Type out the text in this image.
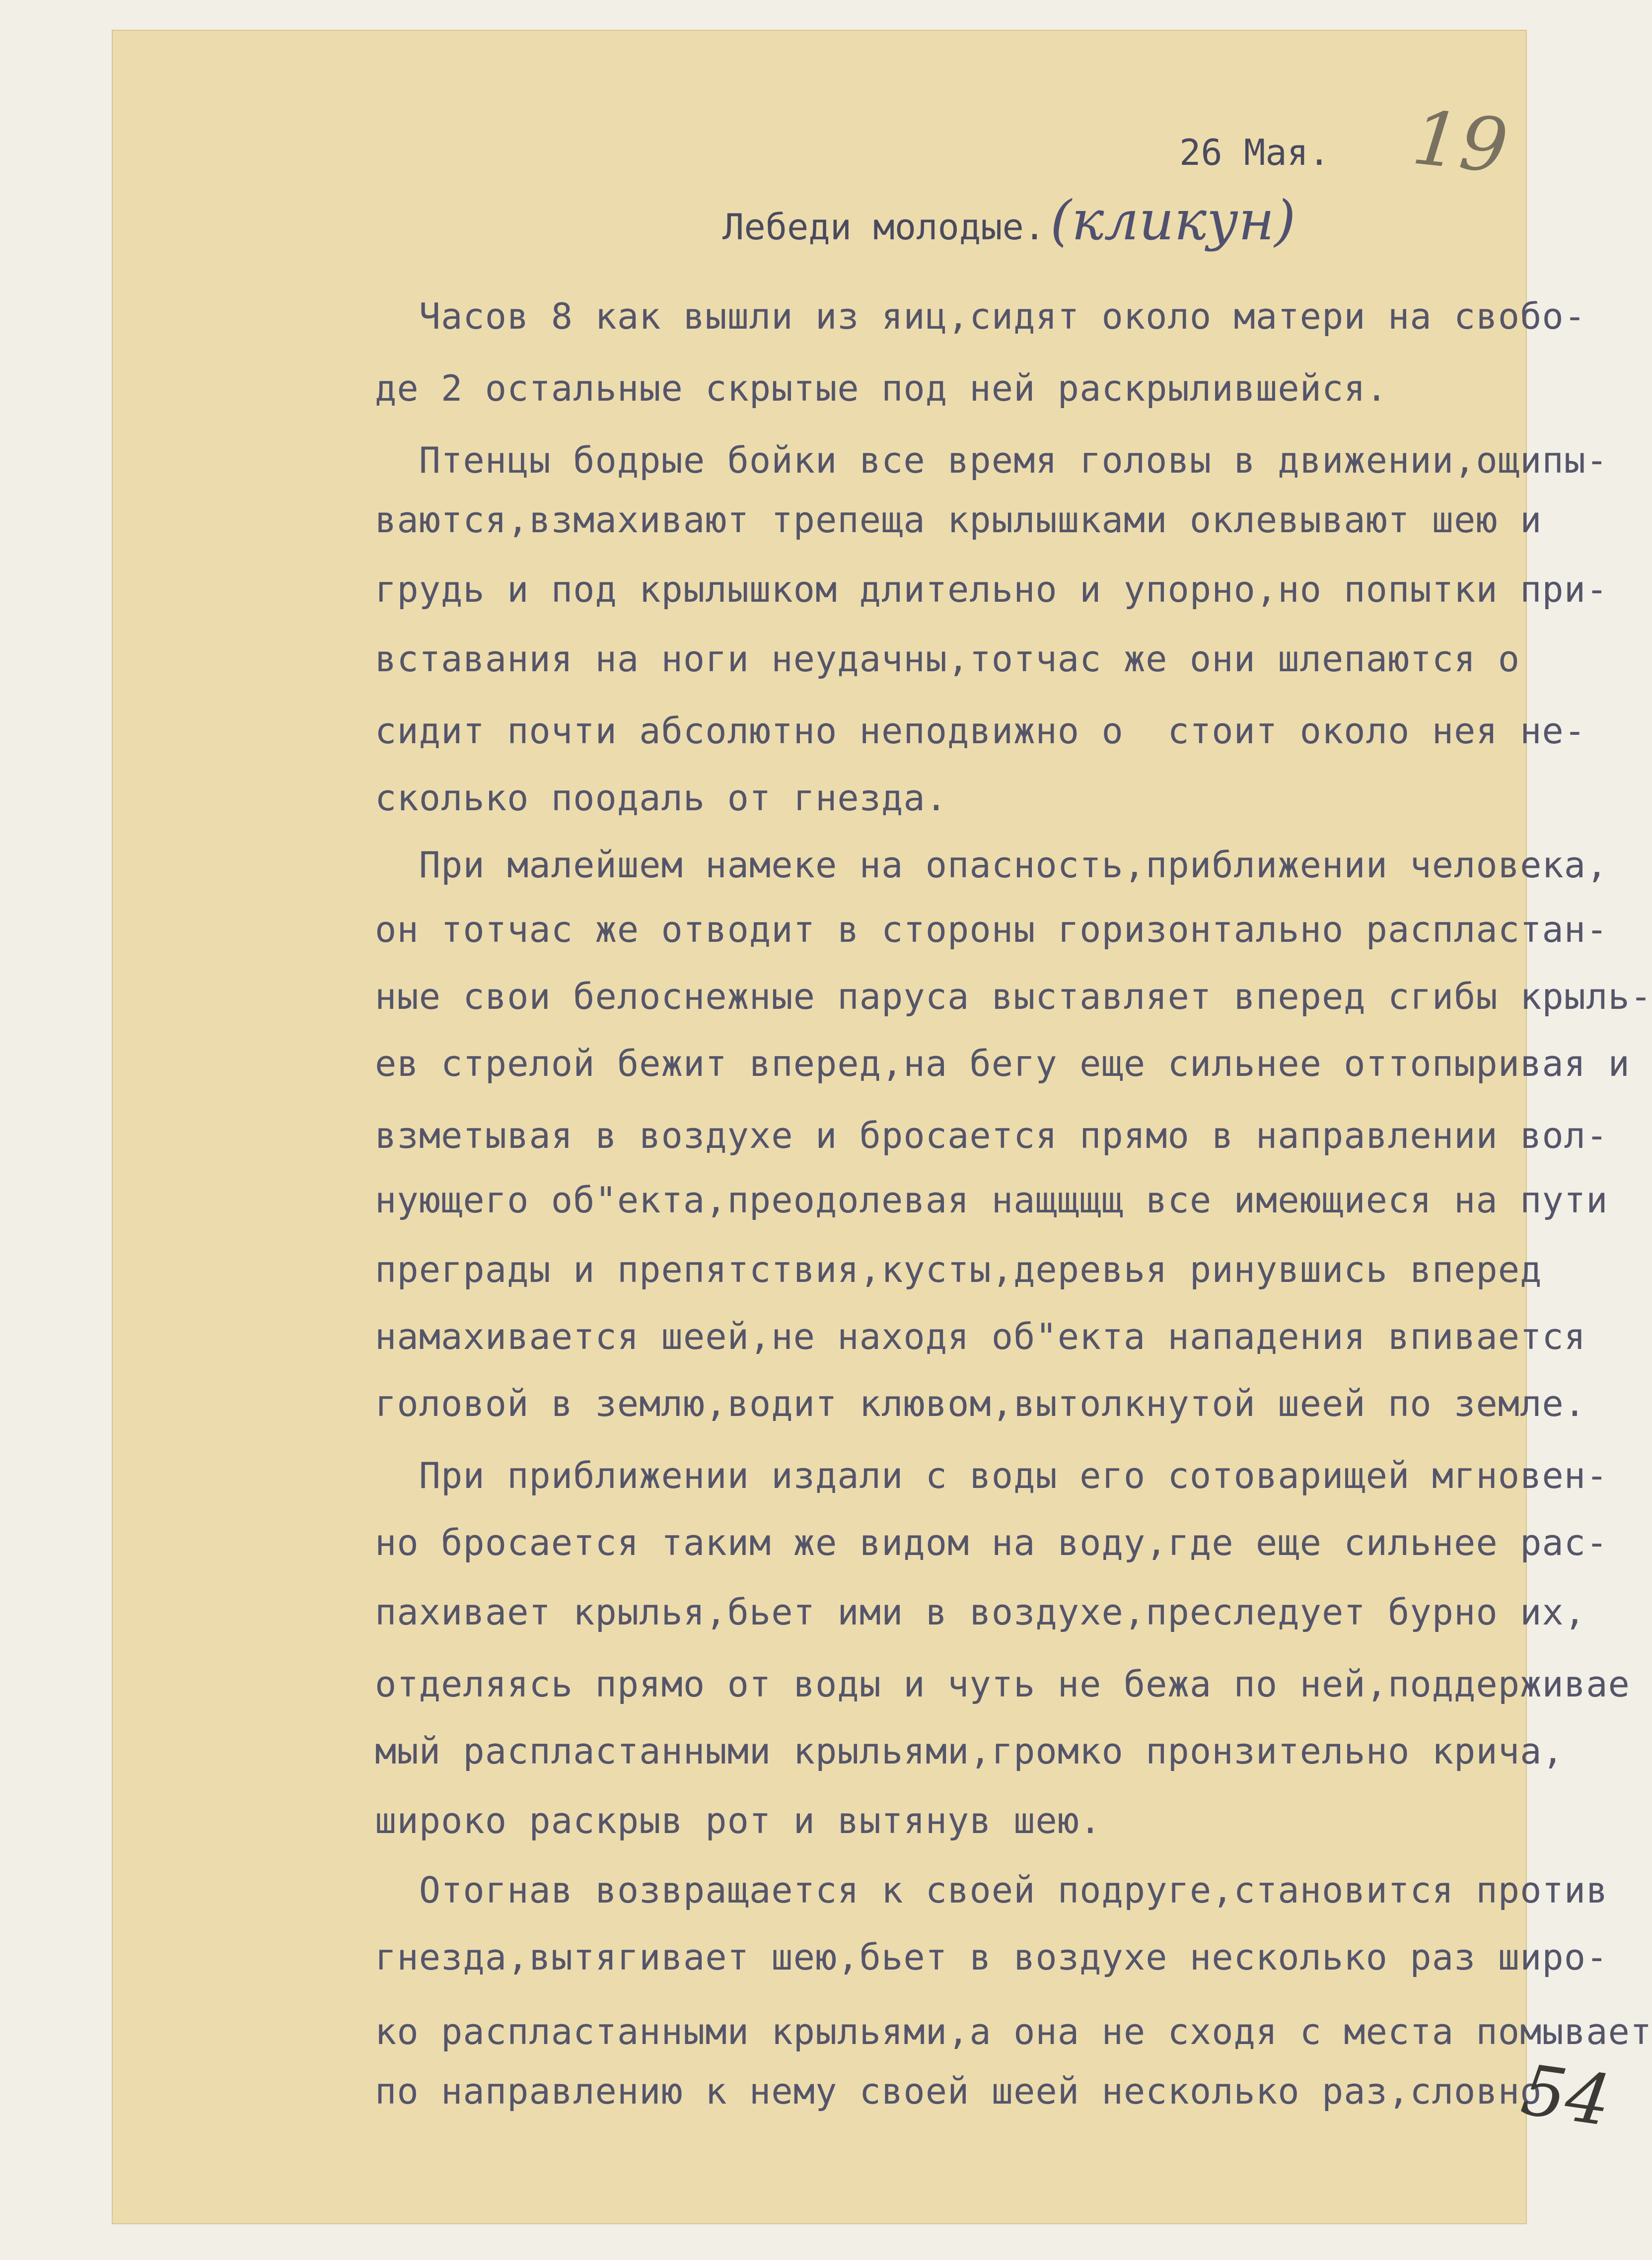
26 Мая.
Лебеди молодые. (кликун)
19
Часов 8 как вышли из яиц,сидят около матери на свобо-
де 2 остальные скрытые под ней раскрылившейся.
Птенцы бодрые бойки все время головы в движении,ощипы-
ваются,взмахивают трепеща крылышками оклевывают шею и
грудь и под крылышком длительно и упорно,но попытки при-
вставания на ноги неудачны,тотчас же они шлепаются о
сидит почти абсолютно неподвижно о  стоит около нея не-
сколько поодаль от гнезда.
При малейшем намеке на опасность,приближении человека,
он тотчас же отводит в стороны горизонтально распластан-
ные свои белоснежные паруса выставляет вперед сгибы крыль-
ев стрелой бежит вперед,на бегу еще сильнее оттопыривая и
взметывая в воздухе и бросается прямо в направлении вол-
нующего об"екта,преодолевая нащщщщ все имеющиеся на пути
преграды и препятствия,кусты,деревья ринувшись вперед
намахивается шеей,не находя об"екта нападения впивается
головой в землю,водит клювом,вытолкнутой шеей по земле.
При приближении издали с воды его сотоварищей мгновен-
но бросается таким же видом на воду,где еще сильнее рас-
пахивает крылья,бьет ими в воздухе,преследует бурно их,
отделяясь прямо от воды и чуть не бежа по ней,поддерживае
мый распластанными крыльями,громко пронзительно крича,
широко раскрыв рот и вытянув шею.
Отогнав возвращается к своей подруге,становится против
гнезда,вытягивает шею,бьет в воздухе несколько раз широ-
ко распластанными крыльями,а она не сходя с места помывает
по направлению к нему своей шеей несколько раз,словно
54
